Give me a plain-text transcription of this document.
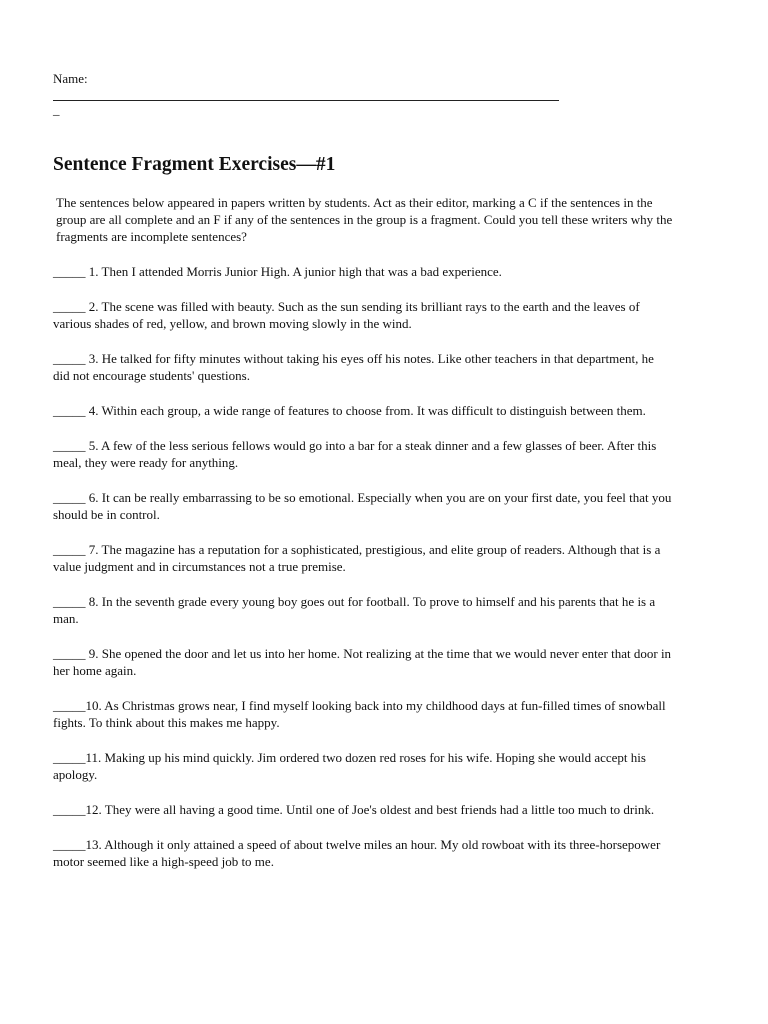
Name:

_
Sentence Fragment Exercises—#1

The sentences below appeared in papers written by students. Act as their editor, marking a C if the sentences in the group are all complete and an F if any of the sentences in the group is a fragment. Could you tell these writers why the fragments are incomplete sentences?

_____ 1. Then I attended Morris Junior High. A junior high that was a bad experience.

_____ 2. The scene was filled with beauty. Such as the sun sending its brilliant rays to the earth and the leaves of various shades of red, yellow, and brown moving slowly in the wind.

_____ 3. He talked for fifty minutes without taking his eyes off his notes. Like other teachers in that department, he did not encourage students' questions.

_____ 4. Within each group, a wide range of features to choose from. It was difficult to distinguish between them.

_____ 5. A few of the less serious fellows would go into a bar for a steak dinner and a few glasses of beer. After this meal, they were ready for anything.

_____ 6. It can be really embarrassing to be so emotional. Especially when you are on your first date, you feel that you should be in control.

_____ 7. The magazine has a reputation for a sophisticated, prestigious, and elite group of readers. Although that is a value judgment and in circumstances not a true premise.

_____ 8. In the seventh grade every young boy goes out for football. To prove to himself and his parents that he is a man.

_____ 9. She opened the door and let us into her home. Not realizing at the time that we would never enter that door in her home again.

_____10. As Christmas grows near, I find myself looking back into my childhood days at fun-filled times of snowball fights. To think about this makes me happy.

_____11. Making up his mind quickly. Jim ordered two dozen red roses for his wife. Hoping she would accept his apology.

_____12. They were all having a good time. Until one of Joe's oldest and best friends had a little too much to drink.

_____13. Although it only attained a speed of about twelve miles an hour. My old rowboat with its three-horsepower motor seemed like a high-speed job to me.
